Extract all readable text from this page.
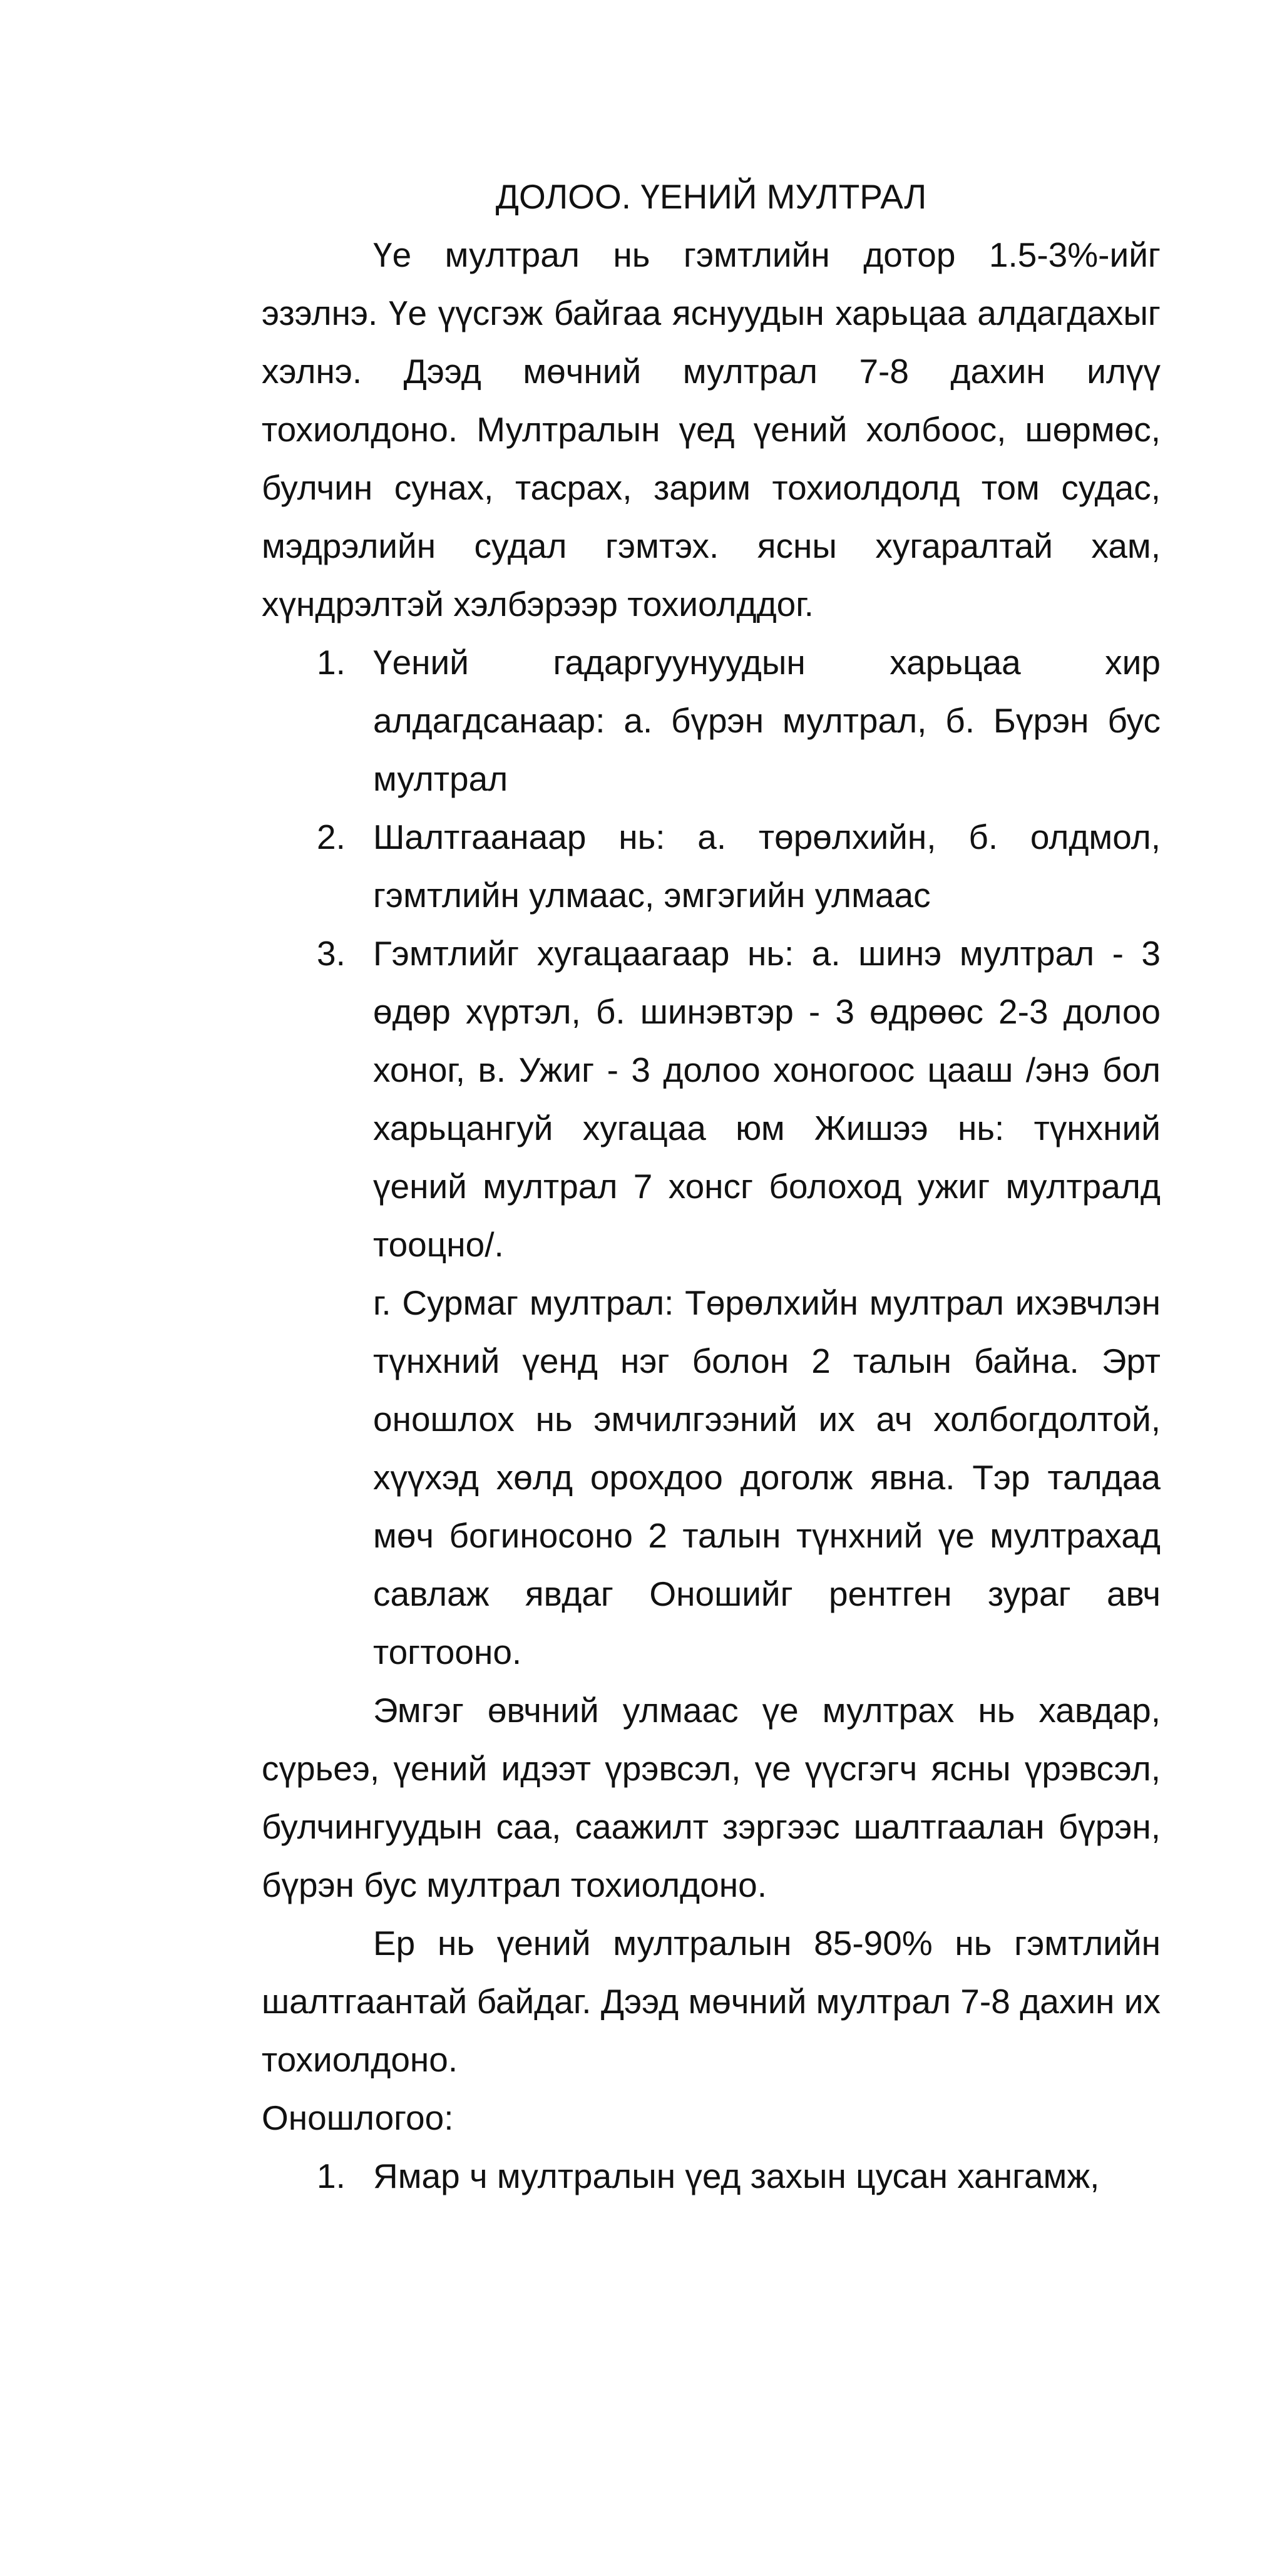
ДОЛОО. ҮЕНИЙ МУЛТРАЛ

Үе мултрал нь гэмтлийн дотор 1.5-3%-ийг эзэлнэ. Үе үүсгэж байгаа яснуудын харьцаа алдагдахыг хэлнэ. Дээд мөчний мултрал 7-8 дахин илүү тохиолдоно. Мултралын үед үений холбоос, шөрмөс, булчин сунах, тасрах, зарим тохиолдолд том судас, мэдрэлийн судал гэмтэх. ясны хугаралтай хам, хүндрэлтэй хэлбэрээр тохиолддог.

1. Үений гадаргуунуудын харьцаа хир алдагдсанаар: а. бүрэн мултрал, б. Бүрэн бус мултрал
2. Шалтгаанаар нь: а. төрөлхийн, б. олдмол, гэмтлийн улмаас, эмгэгийн улмаас
3. Гэмтлийг хугацаагаар нь: а. шинэ мултрал - 3 өдөр хүртэл, б. шинэвтэр - 3 өдрөөс 2-3 долоо хоног, в. Ужиг - 3 долоо хоногоос цааш /энэ бол харьцангуй хугацаа юм Жишээ нь: түнхний үений мултрал 7 хонсг болоход ужиг мултралд тооцно/.

г. Сурмаг мултрал: Төрөлхийн мултрал ихэвчлэн түнхний үенд нэг болон 2 талын байна. Эрт оношлох нь эмчилгээний их ач холбогдолтой, хүүхэд хөлд орохдоо доголж явна. Тэр талдаа мөч богиносоно 2 талын түнхний үе мултрахад савлаж явдаг Оношийг рентген зураг авч тогтооно.

Эмгэг өвчний улмаас үе мултрах нь хавдар, сүрьеэ, үений идээт үрэвсэл, үе үүсгэгч ясны үрэвсэл, булчингуудын саа, саажилт зэргээс шалтгаалан бүрэн, бүрэн бус мултрал тохиолдоно.

Ер нь үений мултралын 85-90% нь гэмтлийн шалтгаантай байдаг. Дээд мөчний мултрал 7-8 дахин их тохиолдоно.

Оношлогоо:

1. Ямар ч мултралын үед захын цусан хангамж,
